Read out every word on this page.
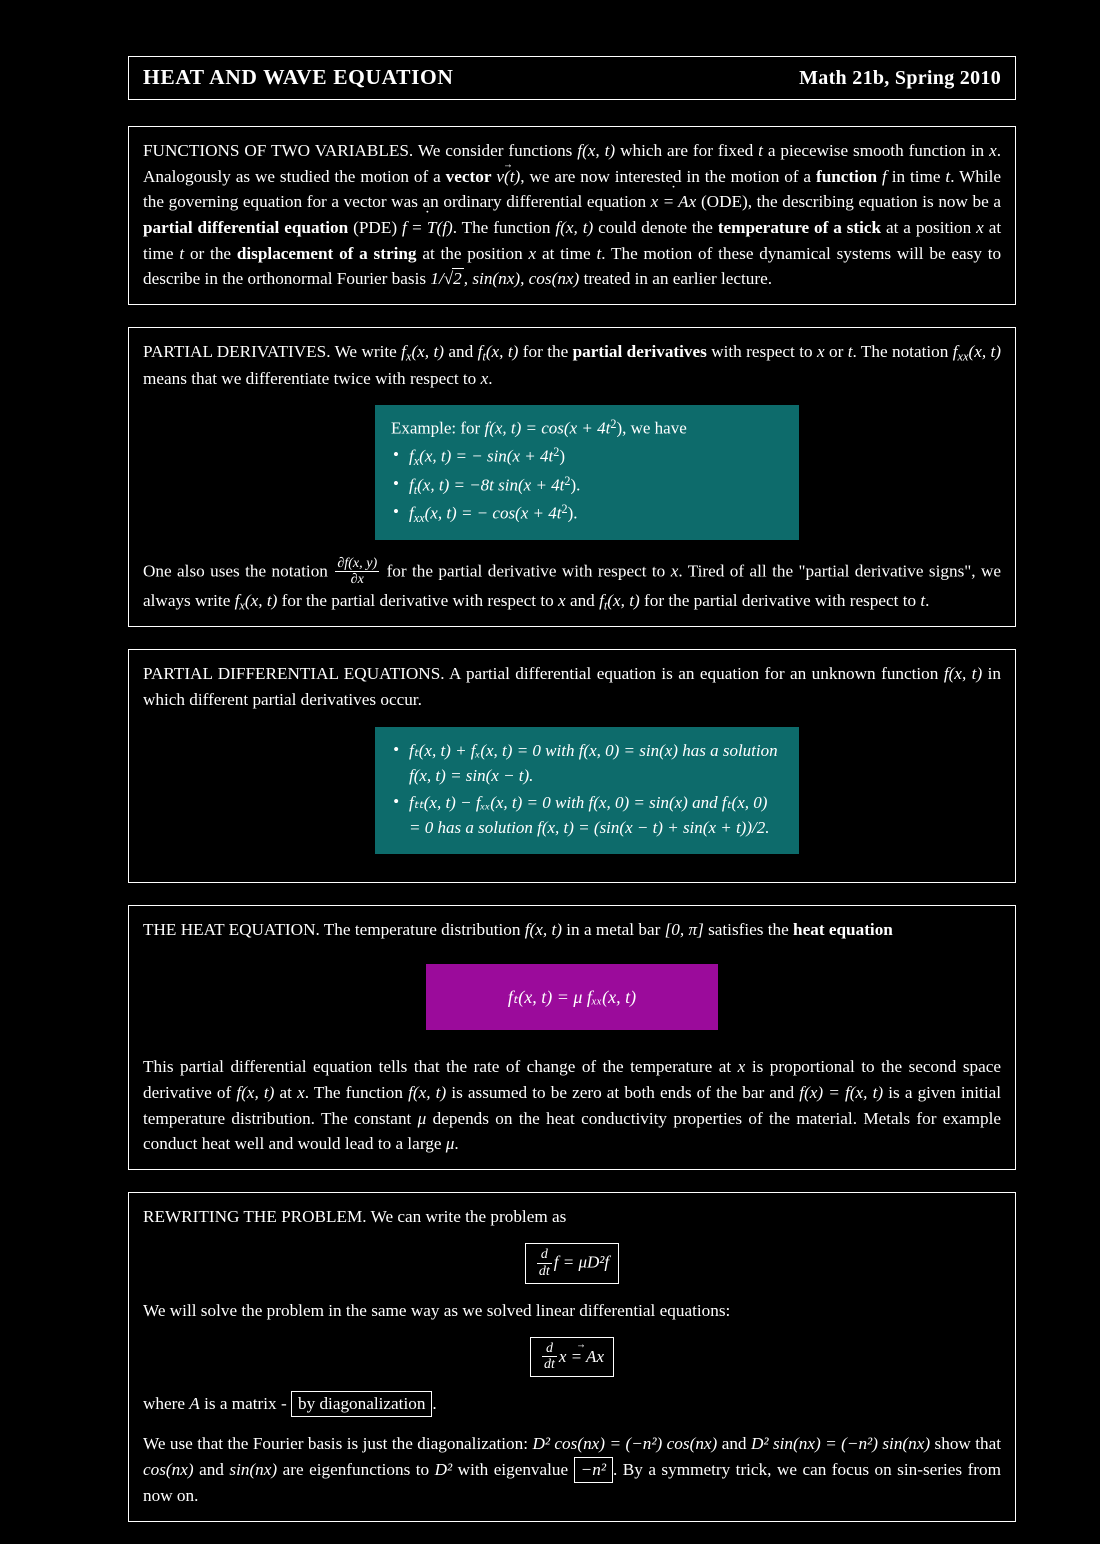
HEAT AND WAVE EQUATION	Math 21b, Spring 2010

FUNCTIONS OF TWO VARIABLES. We consider functions f(x, t) which are for fixed t a piecewise smooth function in x. Analogously as we studied the motion of a vector → v(t), we are now interested in the motion of a function f in time t. While the governing equation for a vector was an ordinary differential equation ˙ x = Ax (ODE), the describing equation is now be a partial differential equation (PDE) ˙ f = T(f). The function f(x, t) could denote the temperature of a stick at a position x at time t or the displacement of a string at the position x at time t. The motion of these dynamical systems will be easy to describe in the orthonormal Fourier basis 1/√2 , sin(nx), cos(nx) treated in an earlier lecture.

PARTIAL DERIVATIVES. We write $f_x(x$, t) and $f_t(x$, t) for the partial derivatives with respect to x or t. The notation $f_{xx}(x$, t) means that we differentiate twice with respect to x.

Example: for f(x, $t) = \cos(x + 4t^2)$, we have
• $f_x(x$, t) = − $\sin(x + 4t^2)$
• $f_t(x$, t) = −8t $\sin(x + 4t^2)$.
• $f_{xx}(x$, t) = − $\cos(x + 4t^2)$.

One also uses the notation $\frac{\partial f(x, y)}{\partial x}$ for the partial derivative with respect to x. Tired of all the "partial derivative signs", we always write $f_x(x$, t) for the partial derivative with respect to x and $f_t(x$, t) for the partial derivative with respect to t.

PARTIAL DIFFERENTIAL EQUATIONS. A partial differential equation is an equation for an unknown function f(x, t) in which different partial derivatives occur.

• fₜ(x, t) + fₓ(x, t) = 0 with f(x, 0) = sin(x) has a solution f(x, t) = sin(x − t).
• fₜₜ(x, t) − fₓₓ(x, t) = 0 with f(x, 0) = sin(x) and fₜ(x, 0) = 0 has a solution f(x, t) = (sin(x − t) + sin(x + t))/2.

THE HEAT EQUATION. The temperature distribution f(x, t) in a metal bar [0, π] satisfies the heat equation

fₜ(x, t) = μ fₓₓ(x, t)

This partial differential equation tells that the rate of change of the temperature at x is proportional to the second space derivative of f(x, t) at x. The function f(x, t) is assumed to be zero at both ends of the bar and f(x) = f(x, t) is a given initial temperature distribution. The constant μ depends on the heat conductivity properties of the material. Metals for example conduct heat well and would lead to a large μ.

REWRITING THE PROBLEM. We can write the problem as

$\frac{d}{dt}$ f = μD²f

We will solve the problem in the same way as we solved linear differential equations:

$\frac{d}{dt} \to x = Ax$

where A is a matrix - by diagonalization .

We use that the Fourier basis is just the diagonalization: D² cos(nx) = (−n²) cos(nx) and D² sin(nx) = (−n²) sin(nx) show that cos(nx) and sin(nx) are eigenfunctions to D² with eigenvalue −n² . By a symmetry trick, we can focus on sin-series from now on.
